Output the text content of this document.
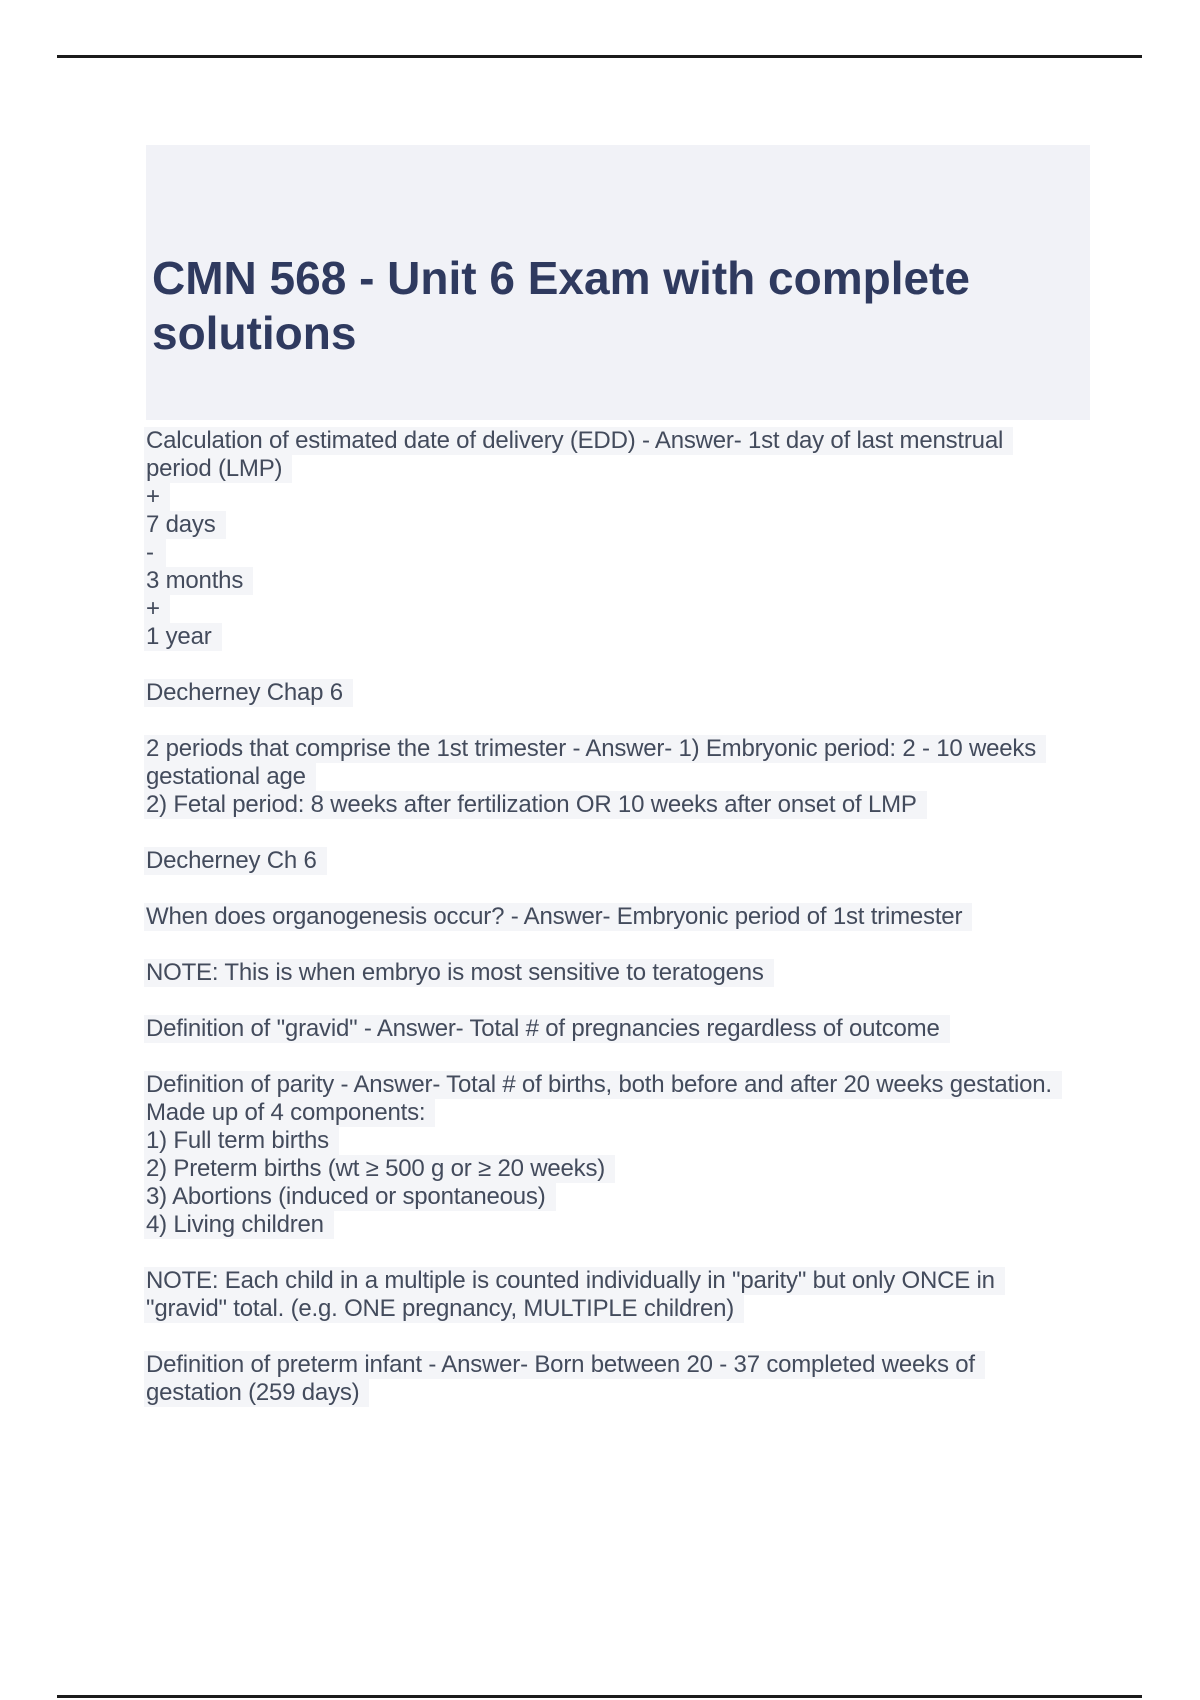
CMN 568 - Unit 6 Exam with complete
solutions
Calculation of estimated date of delivery (EDD) - Answer- 1st day of last menstrual
period (LMP)
+
7 days
-
3 months
+
1 year
Decherney Chap 6
2 periods that comprise the 1st trimester - Answer- 1) Embryonic period: 2 - 10 weeks
gestational age
2) Fetal period: 8 weeks after fertilization OR 10 weeks after onset of LMP
Decherney Ch 6
When does organogenesis occur? - Answer- Embryonic period of 1st trimester
NOTE: This is when embryo is most sensitive to teratogens
Definition of "gravid" - Answer- Total # of pregnancies regardless of outcome
Definition of parity - Answer- Total # of births, both before and after 20 weeks gestation.
Made up of 4 components:
1) Full term births
2) Preterm births (wt ≥ 500 g or ≥ 20 weeks)
3) Abortions (induced or spontaneous)
4) Living children
NOTE: Each child in a multiple is counted individually in "parity" but only ONCE in
"gravid" total. (e.g. ONE pregnancy, MULTIPLE children)
Definition of preterm infant - Answer- Born between 20 - 37 completed weeks of
gestation (259 days)
